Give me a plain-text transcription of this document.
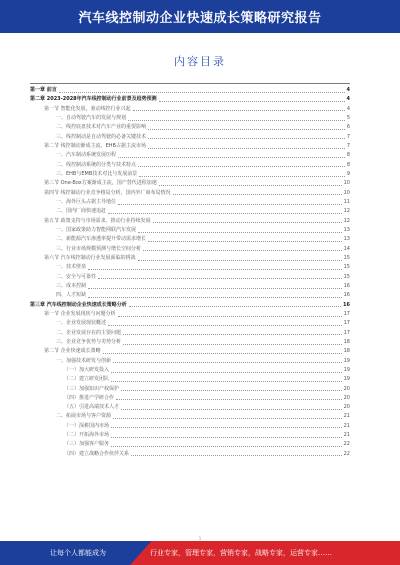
汽车线控制动企业快速成长策略研究报告
内容目录
第一章 前言	4
第二章 2023-2028年汽车线控制动行业前景及趋势预测	4
第一节 智能化发展，驱动线控行业兴起	4
一、自动驾驶汽车的发展与规划	5
二、线控底盘技术对汽车产业的重要影响	6
三、线控制动是自动驾驶的必备关键技术	7
第二节 线控制动渐成主流，EHB占据主流市场	7
一、汽车制动系统发展历程	8
二、线控制动系统的分类与技术特点	8
三、EHB与EMB技术对比与发展前景	9
第三节 One-Box方案渐成主流，国产替代进程加速	10
第四节 线控制动行业竞争格局分析，国内外厂商布局情况	10
一、海外巨头占据主导地位	11
二、国内厂商快速追赶	12
第五节 政策支持与市场需求，推动行业持续发展	12
一、国家政策助力智能网联汽车发展	13
二、新能源汽车渗透率提升带动需求增长	13
三、行业市场规模预测与增长空间分析	14
第六节 汽车线控制动行业发展面临的挑战	15
一、技术壁垒	15
二、安全与可靠性	15
三、成本控制	16
四、人才短缺	16
第三章 汽车线控制动企业快速成长策略分析	16
第一节 企业发展现状与问题分析	17
一、企业发展现状概述	17
二、企业发展存在的主要问题	17
三、企业竞争优势与劣势分析	18
第二节 企业快速成长策略	18
一、加强技术研发与创新	19
（一）加大研发投入	19
（二）建立研发团队	19
（三）加强知识产权保护	20
（四）推进产学研合作	20
（五）引进高端技术人才	20
二、拓展市场与客户资源	21
（一）深耕国内市场	21
（二）开拓海外市场	21
（三）加强客户服务	22
（四）建立战略合作伙伴关系	22
1
让每个人都能成为	行业专家，管理专家，营销专家，战略专家，运营专家……
